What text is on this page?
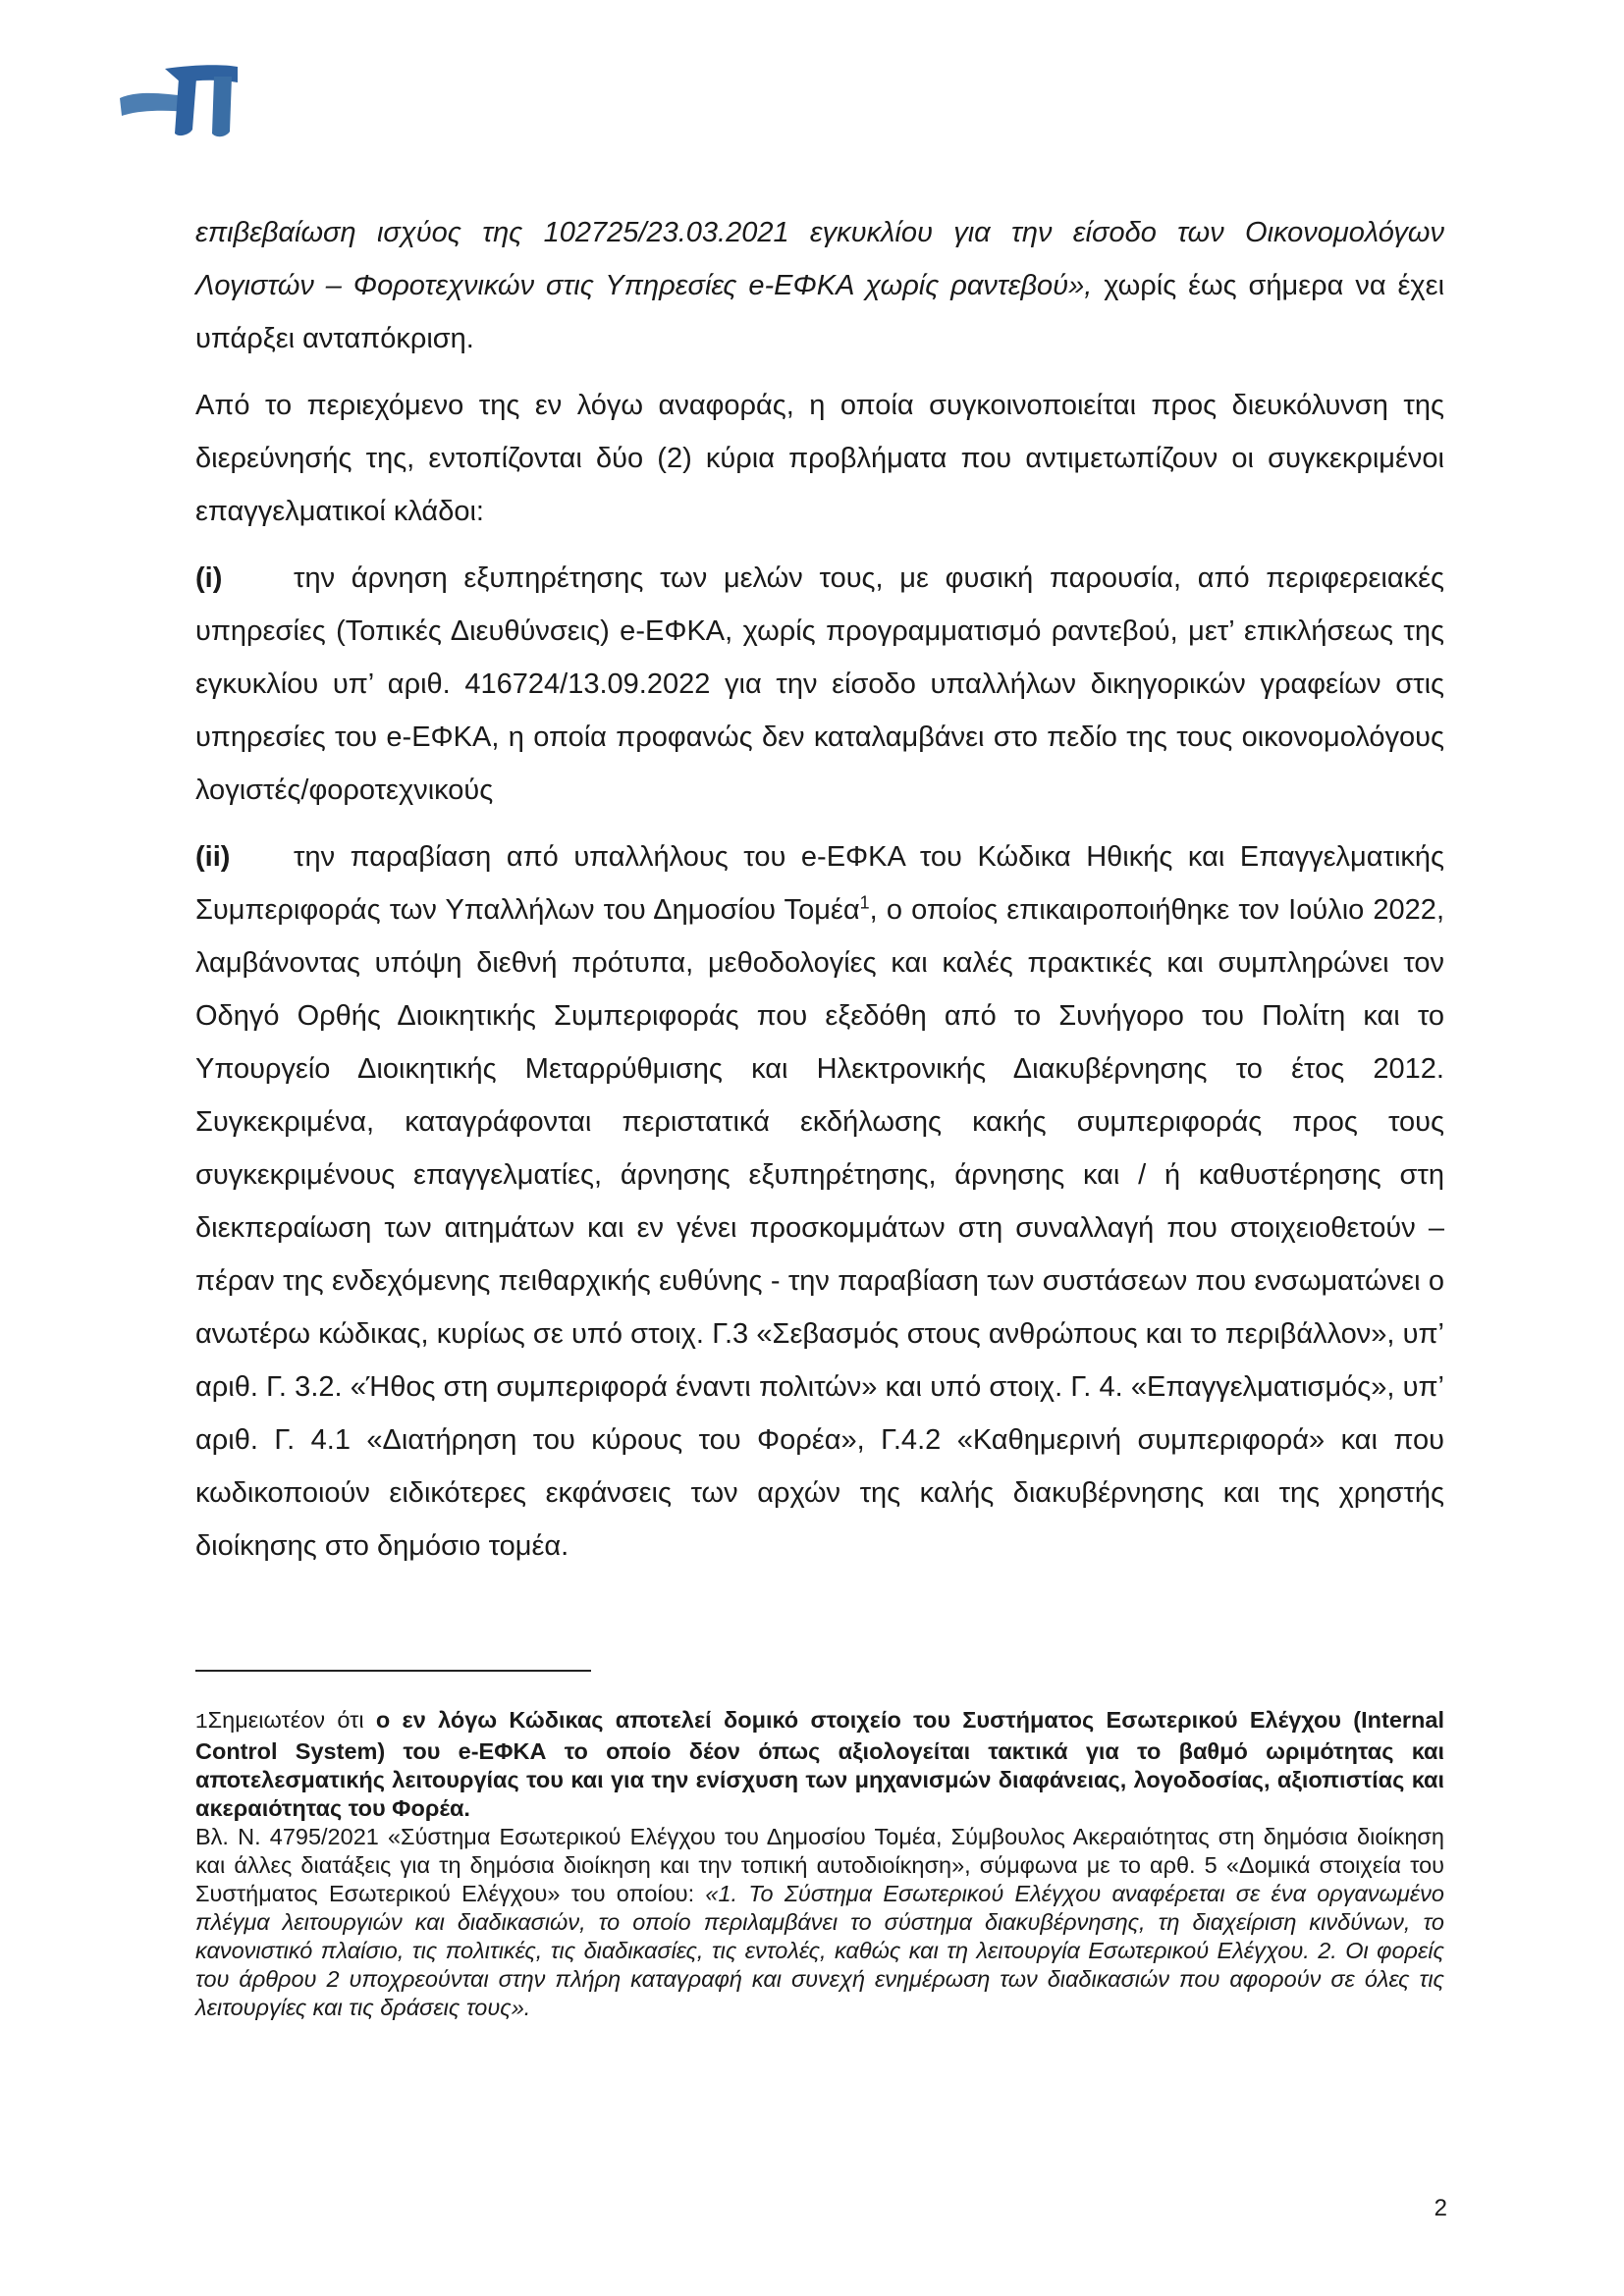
επιβεβαίωση ισχύος της 102725/23.03.2021 εγκυκλίου για την είσοδο των Οικονομολόγων Λογιστών – Φοροτεχνικών στις Υπηρεσίες e-ΕΦΚΑ χωρίς ραντεβού», χωρίς έως σήμερα να έχει υπάρξει ανταπόκριση.

Από το περιεχόμενο της εν λόγω αναφοράς, η οποία συγκοινοποιείται προς διευκόλυνση της διερεύνησής της, εντοπίζονται δύο (2) κύρια προβλήματα που αντιμετωπίζουν οι συγκεκριμένοι επαγγελματικοί κλάδοι:

(i)	την άρνηση εξυπηρέτησης των μελών τους, με φυσική παρουσία, από περιφερειακές υπηρεσίες (Τοπικές Διευθύνσεις) e-ΕΦΚΑ, χωρίς προγραμματισμό ραντεβού, μετ’ επικλήσεως της εγκυκλίου υπ’ αριθ. 416724/13.09.2022 για την είσοδο υπαλλήλων δικηγορικών γραφείων στις υπηρεσίες του e-ΕΦΚΑ, η οποία προφανώς δεν καταλαμβάνει στο πεδίο της τους οικονομολόγους λογιστές/φοροτεχνικούς

(ii) την παραβίαση από υπαλλήλους του e-ΕΦΚΑ του Κώδικα Ηθικής και Επαγγελματικής Συμπεριφοράς των Υπαλλήλων του Δημοσίου Τομέα$^1$, ο οποίος επικαιροποιήθηκε τον Ιούλιο 2022, λαμβάνοντας υπόψη διεθνή πρότυπα, μεθοδολογίες και καλές πρακτικές και συμπληρώνει τον Οδηγό Ορθής Διοικητικής Συμπεριφοράς που εξεδόθη από το Συνήγορο του Πολίτη και το Υπουργείο Διοικητικής Μεταρρύθμισης και Ηλεκτρονικής Διακυβέρνησης το έτος 2012. Συγκεκριμένα, καταγράφονται περιστατικά εκδήλωσης κακής συμπεριφοράς προς τους συγκεκριμένους επαγγελματίες, άρνησης εξυπηρέτησης, άρνησης και / ή καθυστέρησης στη διεκπεραίωση των αιτημάτων και εν γένει προσκομμάτων στη συναλλαγή που στοιχειοθετούν – πέραν της ενδεχόμενης πειθαρχικής ευθύνης - την παραβίαση των συστάσεων που ενσωματώνει ο ανωτέρω κώδικας, κυρίως σε υπό στοιχ. Γ.3 «Σεβασμός στους ανθρώπους και το περιβάλλον», υπ’ αριθ. Γ. 3.2. «Ήθος στη συμπεριφορά έναντι πολιτών» και υπό στοιχ. Γ. 4. «Επαγγελματισμός», υπ’ αριθ. Γ. 4.1 «Διατήρηση του κύρους του Φορέα», Γ.4.2 «Καθημερινή συμπεριφορά» και που κωδικοποιούν ειδικότερες εκφάνσεις των αρχών της καλής διακυβέρνησης και της χρηστής διοίκησης στο δημόσιο τομέα.

1Σημειωτέον ότι ο εν λόγω Κώδικας αποτελεί δομικό στοιχείο του Συστήματος Εσωτερικού Ελέγχου (Internal Control System) του e-ΕΦΚΑ το οποίο δέον όπως αξιολογείται τακτικά για το βαθμό ωριμότητας και αποτελεσματικής λειτουργίας του και για την ενίσχυση των μηχανισμών διαφάνειας, λογοδοσίας, αξιοπιστίας και ακεραιότητας του Φορέα.

Βλ. Ν. 4795/2021 «Σύστημα Εσωτερικού Ελέγχου του Δημοσίου Τομέα, Σύμβουλος Ακεραιότητας στη δημόσια διοίκηση και άλλες διατάξεις για τη δημόσια διοίκηση και την τοπική αυτοδιοίκηση», σύμφωνα με το αρθ. 5 «Δομικά στοιχεία του Συστήματος Εσωτερικού Ελέγχου» του οποίου: «1. Το Σύστημα Εσωτερικού Ελέγχου αναφέρεται σε ένα οργανωμένο πλέγμα λειτουργιών και διαδικασιών, το οποίο περιλαμβάνει το σύστημα διακυβέρνησης, τη διαχείριση κινδύνων, το κανονιστικό πλαίσιο, τις πολιτικές, τις διαδικασίες, τις εντολές, καθώς και τη λειτουργία Εσωτερικού Ελέγχου. 2. Οι φορείς του άρθρου 2 υποχρεούνται στην πλήρη καταγραφή και συνεχή ενημέρωση των διαδικασιών που αφορούν σε όλες τις λειτουργίες και τις δράσεις τους».

2
